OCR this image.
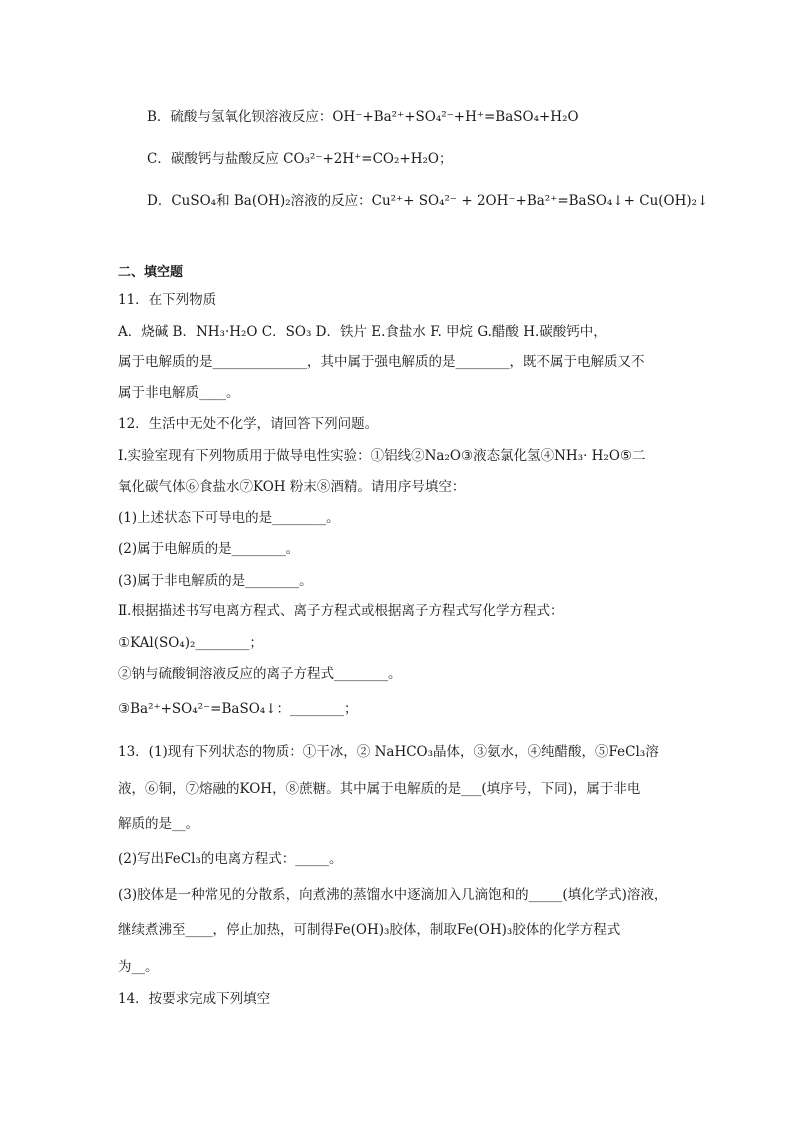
B．硫酸与氢氧化钡溶液反应：OH⁻+Ba²⁺+SO₄²⁻+H⁺=BaSO₄+H₂O
C．碳酸钙与盐酸反应 CO₃²⁻+2H⁺=CO₂+H₂O；
D．CuSO₄和 Ba(OH)₂溶液的反应：Cu²⁺+ SO₄²⁻ + 2OH⁻+Ba²⁺=BaSO₄↓+ Cu(OH)₂↓
二、填空题
11．在下列物质
A．烧碱 B．NH₃·H₂O C．SO₃ D．铁片 E.食盐水 F. 甲烷 G.醋酸 H.碳酸钙中，
属于电解质的是______________，其中属于强电解质的是________，既不属于电解质又不
属于非电解质____。
12．生活中无处不化学，请回答下列问题。
Ⅰ.实验室现有下列物质用于做导电性实验：①铝线②Na₂O③液态氯化氢④NH₃· H₂O⑤二
氧化碳气体⑥食盐水⑦KOH 粉末⑧酒精。请用序号填空：
(1)上述状态下可导电的是________。
(2)属于电解质的是________。
(3)属于非电解质的是________。
Ⅱ.根据描述书写电离方程式、离子方程式或根据离子方程式写化学方程式：
①KAl(SO₄)₂________；
②钠与硫酸铜溶液反应的离子方程式________。
③Ba²⁺+SO₄²⁻=BaSO₄↓：________；
13．(1)现有下列状态的物质：①干冰，② NaHCO₃晶体，③氨水，④纯醋酸，⑤FeCl₃溶
液，⑥铜，⑦熔融的KOH，⑧蔗糖。其中属于电解质的是___(填序号，下同)，属于非电
解质的是__。
(2)写出FeCl₃的电离方程式：_____。
(3)胶体是一种常见的分散系，向煮沸的蒸馏水中逐滴加入几滴饱和的_____(填化学式)溶液，
继续煮沸至____，停止加热，可制得Fe(OH)₃胶体，制取Fe(OH)₃胶体的化学方程式
为__。
14．按要求完成下列填空
